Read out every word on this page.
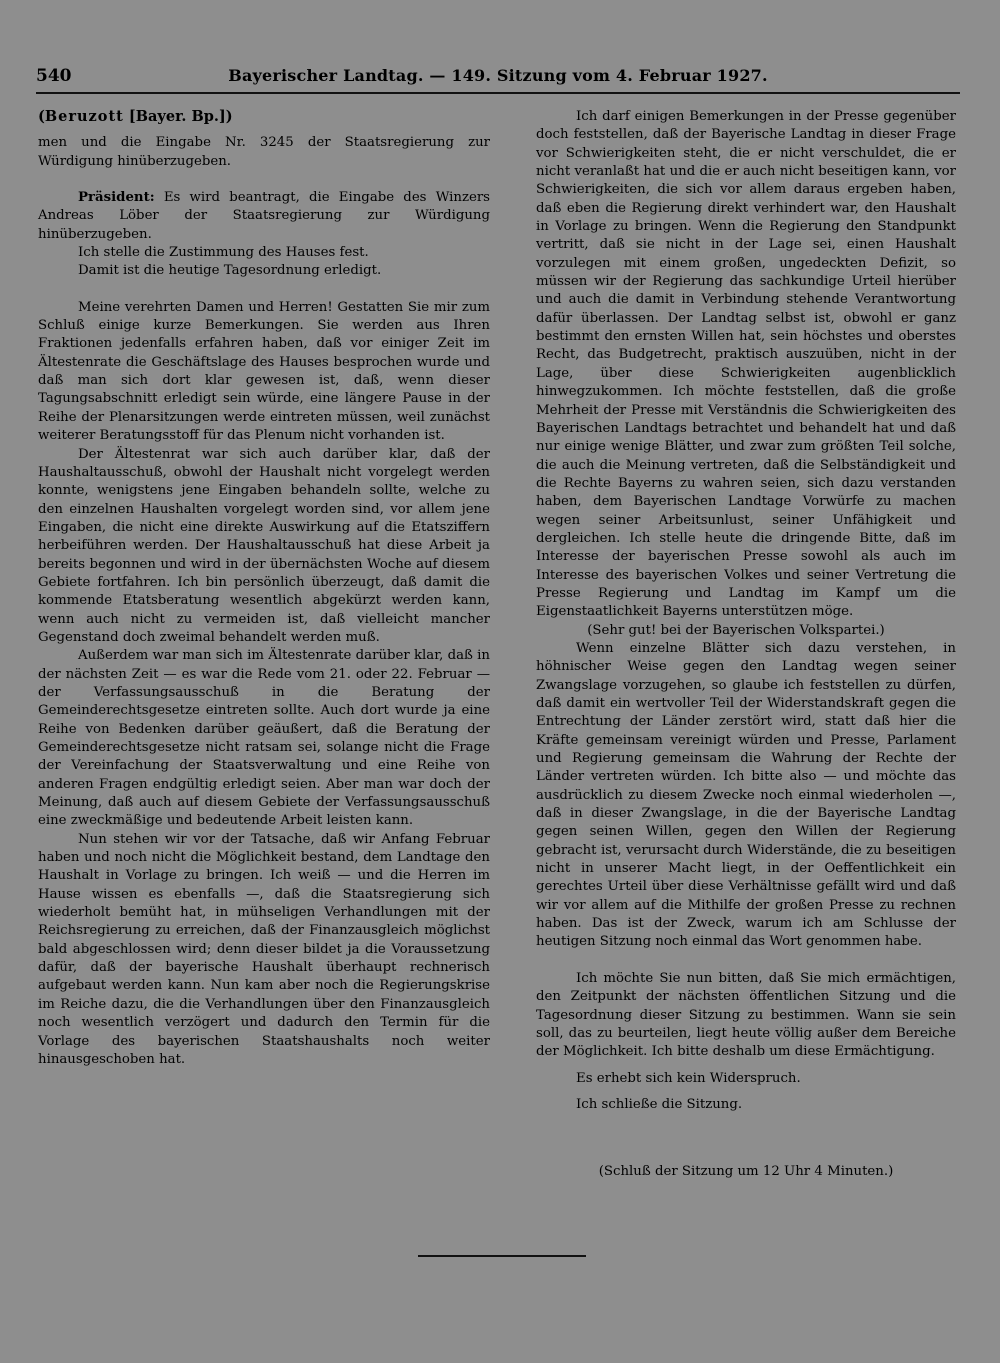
540	Bayerischer Landtag. — 149. Sitzung vom 4. Februar 1927.

(Beruzott [Bayer. Bp.])

men und die Eingabe Nr. 3245 der Staatsregierung zur Würdigung hinüberzugeben.

Präsident: Es wird beantragt, die Eingabe des Winzers Andreas Löber der Staatsregierung zur Würdigung hinüberzugeben.

Ich stelle die Zustimmung des Hauses fest.

Damit ist die heutige Tagesordnung erledigt.

Meine verehrten Damen und Herren! Gestatten Sie mir zum Schluß einige kurze Bemerkungen. Sie werden aus Ihren Fraktionen jedenfalls erfahren haben, daß vor einiger Zeit im Ältestenrate die Geschäftslage des Hauses besprochen wurde und daß man sich dort klar gewesen ist, daß, wenn dieser Tagungsabschnitt erledigt sein würde, eine längere Pause in der Reihe der Plenarsitzungen werde eintreten müssen, weil zunächst weiterer Beratungsstoff für das Plenum nicht vorhanden ist.

Der Ältestenrat war sich auch darüber klar, daß der Haushaltausschuß, obwohl der Haushalt nicht vorgelegt werden konnte, wenigstens jene Eingaben behandeln sollte, welche zu den einzelnen Haushalten vorgelegt worden sind, vor allem jene Eingaben, die nicht eine direkte Auswirkung auf die Etatsziffern herbeiführen werden. Der Haushaltausschuß hat diese Arbeit ja bereits begonnen und wird in der übernächsten Woche auf diesem Gebiete fortfahren. Ich bin persönlich überzeugt, daß damit die kommende Etatsberatung wesentlich abgekürzt werden kann, wenn auch nicht zu vermeiden ist, daß vielleicht mancher Gegenstand doch zweimal behandelt werden muß.

Außerdem war man sich im Ältestenrate darüber klar, daß in der nächsten Zeit — es war die Rede vom 21. oder 22. Februar — der Verfassungsausschuß in die Beratung der Gemeinderechtsgesetze eintreten sollte. Auch dort wurde ja eine Reihe von Bedenken darüber geäußert, daß die Beratung der Gemeinderechtsgesetze nicht ratsam sei, solange nicht die Frage der Vereinfachung der Staatsverwaltung und eine Reihe von anderen Fragen endgültig erledigt seien. Aber man war doch der Meinung, daß auch auf diesem Gebiete der Verfassungsausschuß eine zweckmäßige und bedeutende Arbeit leisten kann.

Nun stehen wir vor der Tatsache, daß wir Anfang Februar haben und noch nicht die Möglichkeit bestand, dem Landtage den Haushalt in Vorlage zu bringen. Ich weiß — und die Herren im Hause wissen es ebenfalls —, daß die Staatsregierung sich wiederholt bemüht hat, in mühseligen Verhandlungen mit der Reichsregierung zu erreichen, daß der Finanzausgleich möglichst bald abgeschlossen wird; denn dieser bildet ja die Voraussetzung dafür, daß der bayerische Haushalt überhaupt rechnerisch aufgebaut werden kann. Nun kam aber noch die Regierungskrise im Reiche dazu, die die Verhandlungen über den Finanzausgleich noch wesentlich verzögert und dadurch den Termin für die Vorlage des bayerischen Staatshaushalts noch weiter hinausgeschoben hat.

Ich darf einigen Bemerkungen in der Presse gegenüber doch feststellen, daß der Bayerische Landtag in dieser Frage vor Schwierigkeiten steht, die er nicht verschuldet, die er nicht veranlaßt hat und die er auch nicht beseitigen kann, vor Schwierigkeiten, die sich vor allem daraus ergeben haben, daß eben die Regierung direkt verhindert war, den Haushalt in Vorlage zu bringen. Wenn die Regierung den Standpunkt vertritt, daß sie nicht in der Lage sei, einen Haushalt vorzulegen mit einem großen, ungedeckten Defizit, so müssen wir der Regierung das sachkundige Urteil hierüber und auch die damit in Verbindung stehende Verantwortung dafür überlassen. Der Landtag selbst ist, obwohl er ganz bestimmt den ernsten Willen hat, sein höchstes und oberstes Recht, das Budgetrecht, praktisch auszuüben, nicht in der Lage, über diese Schwierigkeiten augenblicklich hinwegzukommen. Ich möchte feststellen, daß die große Mehrheit der Presse mit Verständnis die Schwierigkeiten des Bayerischen Landtags betrachtet und behandelt hat und daß nur einige wenige Blätter, und zwar zum größten Teil solche, die auch die Meinung vertreten, daß die Selbständigkeit und die Rechte Bayerns zu wahren seien, sich dazu verstanden haben, dem Bayerischen Landtage Vorwürfe zu machen wegen seiner Arbeitsunlust, seiner Unfähigkeit und dergleichen. Ich stelle heute die dringende Bitte, daß im Interesse der bayerischen Presse sowohl als auch im Interesse des bayerischen Volkes und seiner Vertretung die Presse Regierung und Landtag im Kampf um die Eigenstaatlichkeit Bayerns unterstützen möge.

(Sehr gut! bei der Bayerischen Volkspartei.)

Wenn einzelne Blätter sich dazu verstehen, in höhnischer Weise gegen den Landtag wegen seiner Zwangslage vorzugehen, so glaube ich feststellen zu dürfen, daß damit ein wertvoller Teil der Widerstandskraft gegen die Entrechtung der Länder zerstört wird, statt daß hier die Kräfte gemeinsam vereinigt würden und Presse, Parlament und Regierung gemeinsam die Wahrung der Rechte der Länder vertreten würden. Ich bitte also — und möchte das ausdrücklich zu diesem Zwecke noch einmal wiederholen —, daß in dieser Zwangslage, in die der Bayerische Landtag gegen seinen Willen, gegen den Willen der Regierung gebracht ist, verursacht durch Widerstände, die zu beseitigen nicht in unserer Macht liegt, in der Oeffentlichkeit ein gerechtes Urteil über diese Verhältnisse gefällt wird und daß wir vor allem auf die Mithilfe der großen Presse zu rechnen haben. Das ist der Zweck, warum ich am Schlusse der heutigen Sitzung noch einmal das Wort genommen habe.

Ich möchte Sie nun bitten, daß Sie mich ermächtigen, den Zeitpunkt der nächsten öffentlichen Sitzung und die Tagesordnung dieser Sitzung zu bestimmen. Wann sie sein soll, das zu beurteilen, liegt heute völlig außer dem Bereiche der Möglichkeit. Ich bitte deshalb um diese Ermächtigung.

Es erhebt sich kein Widerspruch.

Ich schließe die Sitzung.

(Schluß der Sitzung um 12 Uhr 4 Minuten.)
